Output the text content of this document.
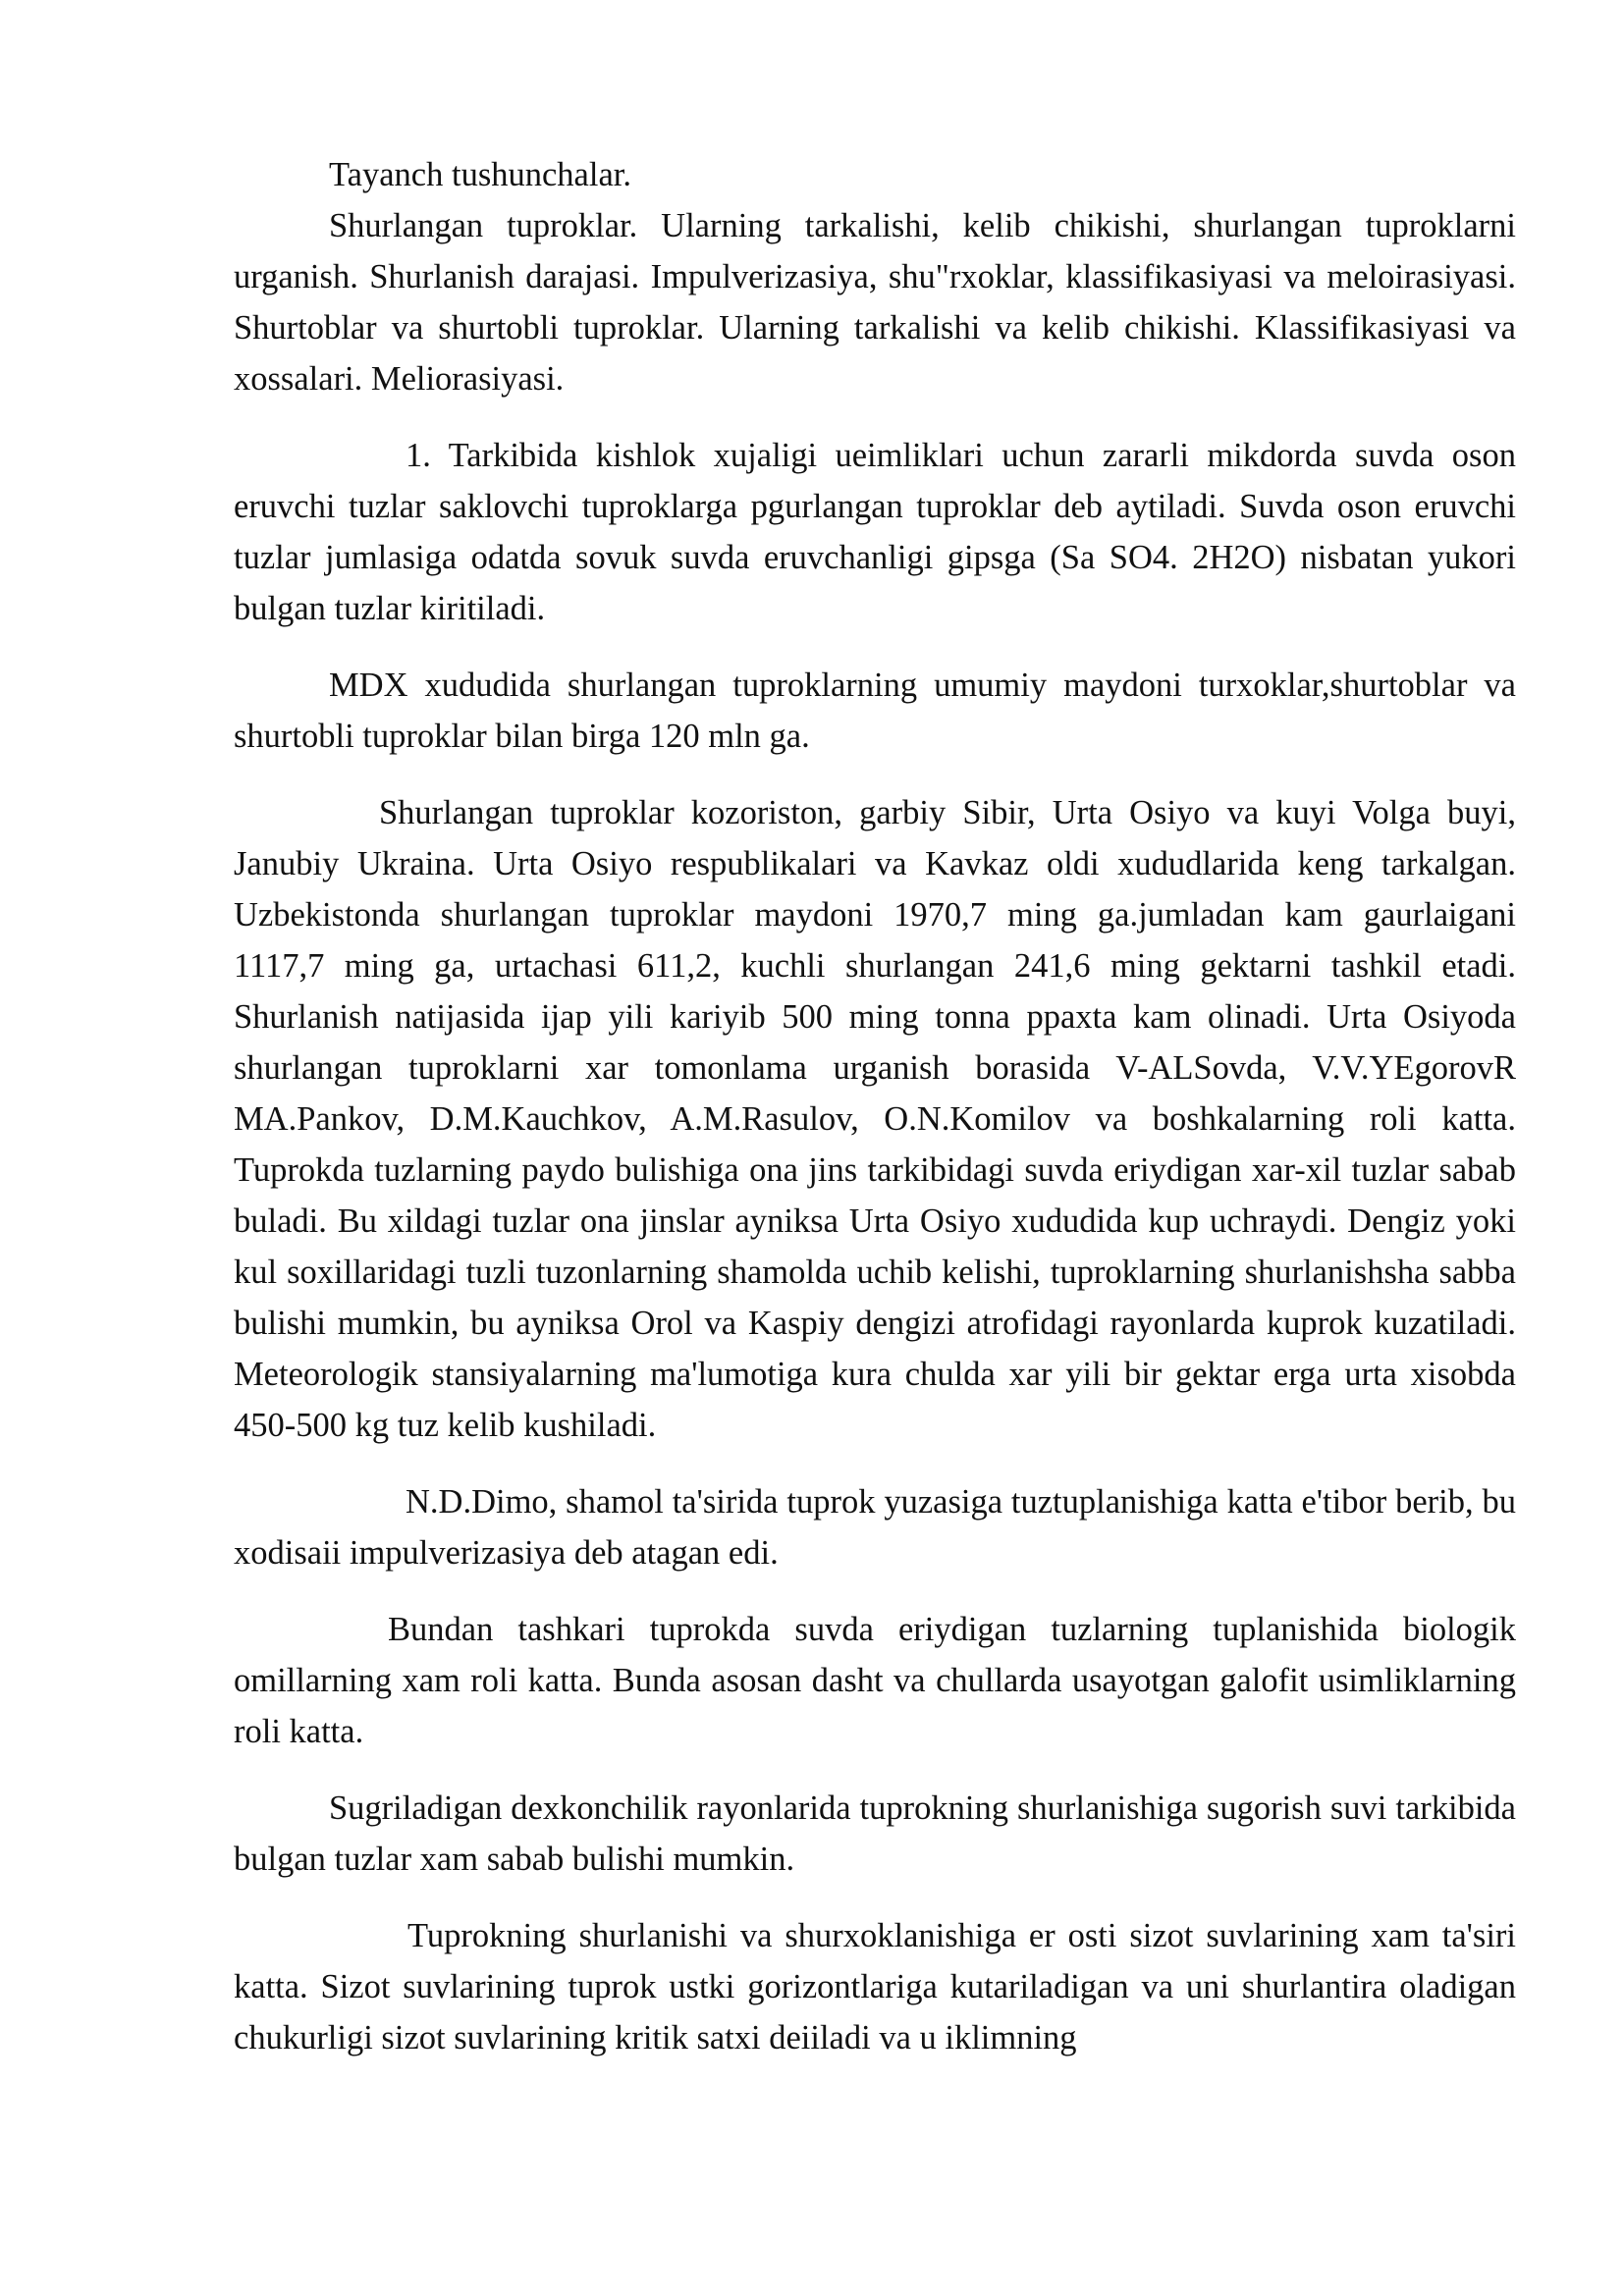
Tayanch tushunchalar.

Shurlangan tuproklar. Ularning tarkalishi, kelib chikishi, shurlangan tuproklarni urganish. Shurlanish darajasi. Impulverizasiya, shu"rxoklar, klassifikasiyasi va meloirasiyasi. Shurtoblar va shurtobli tuproklar. Ularning tarkalishi va kelib chikishi. Klassifikasiyasi va xossalari. Meliorasiyasi.

1. Tarkibida kishlok xujaligi ueimliklari uchun zararli mikdorda suvda oson eruvchi tuzlar saklovchi tuproklarga pgurlangan tuproklar deb aytiladi. Suvda oson eruvchi tuzlar jumlasiga odatda sovuk suvda eruvchanligi gipsga (Sa SO4. 2H2O) nisbatan yukori bulgan tuzlar kiritiladi.

MDX xududida shurlangan tuproklarning umumiy maydoni turxoklar,shurtoblar va shurtobli tuproklar bilan birga 120 mln ga.

Shurlangan tuproklar kozoriston, garbiy Sibir, Urta Osiyo va kuyi Volga buyi, Janubiy Ukraina. Urta Osiyo respublikalari va Kavkaz oldi xududlarida keng tarkalgan. Uzbekistonda shurlangan tuproklar maydoni 1970,7 ming ga.jumladan kam gaurlaigani 1117,7 ming ga, urtachasi 611,2, kuchli shurlangan 241,6 ming gektarni tashkil etadi. Shurlanish natijasida ijap yili kariyib 500 ming tonna ppaxta kam olinadi. Urta Osiyoda shurlangan tuproklarni xar tomonlama urganish borasida V-ALSovda, V.V.YEgorovR MA.Pankov, D.M.Kauchkov, A.M.Rasulov, O.N.Komilov va boshkalarning roli katta. Tuprokda tuzlarning paydo bulishiga ona jins tarkibidagi suvda eriydigan xar-xil tuzlar sabab buladi. Bu xildagi tuzlar ona jinslar ayniksa Urta Osiyo xududida kup uchraydi. Dengiz yoki kul soxillaridagi tuzli tuzonlarning shamolda uchib kelishi, tuproklarning shurlanishsha sabba bulishi mumkin, bu ayniksa Orol va Kaspiy dengizi atrofidagi rayonlarda kuprok kuzatiladi. Meteorologik stansiyalarning ma'lumotiga kura chulda xar yili bir gektar erga urta xisobda 450-500 kg tuz kelib kushiladi.

N.D.Dimo, shamol ta'sirida tuprok yuzasiga tuztuplanishiga katta e'tibor berib, bu xodisaii impulverizasiya deb atagan edi.

Bundan tashkari tuprokda suvda eriydigan tuzlarning tuplanishida biologik omillarning xam roli katta. Bunda asosan dasht va chullarda usayotgan galofit usimliklarning roli katta.

Sugriladigan dexkonchilik rayonlarida tuprokning shurlanishiga sugorish suvi tarkibida bulgan tuzlar xam sabab bulishi mumkin.

Tuprokning shurlanishi va shurxoklanishiga er osti sizot suvlarining xam ta'siri katta. Sizot suvlarining tuprok ustki gorizontlariga kutariladigan va uni shurlantira oladigan chukurligi sizot suvlarining kritik satxi deiiladi va u iklimning
